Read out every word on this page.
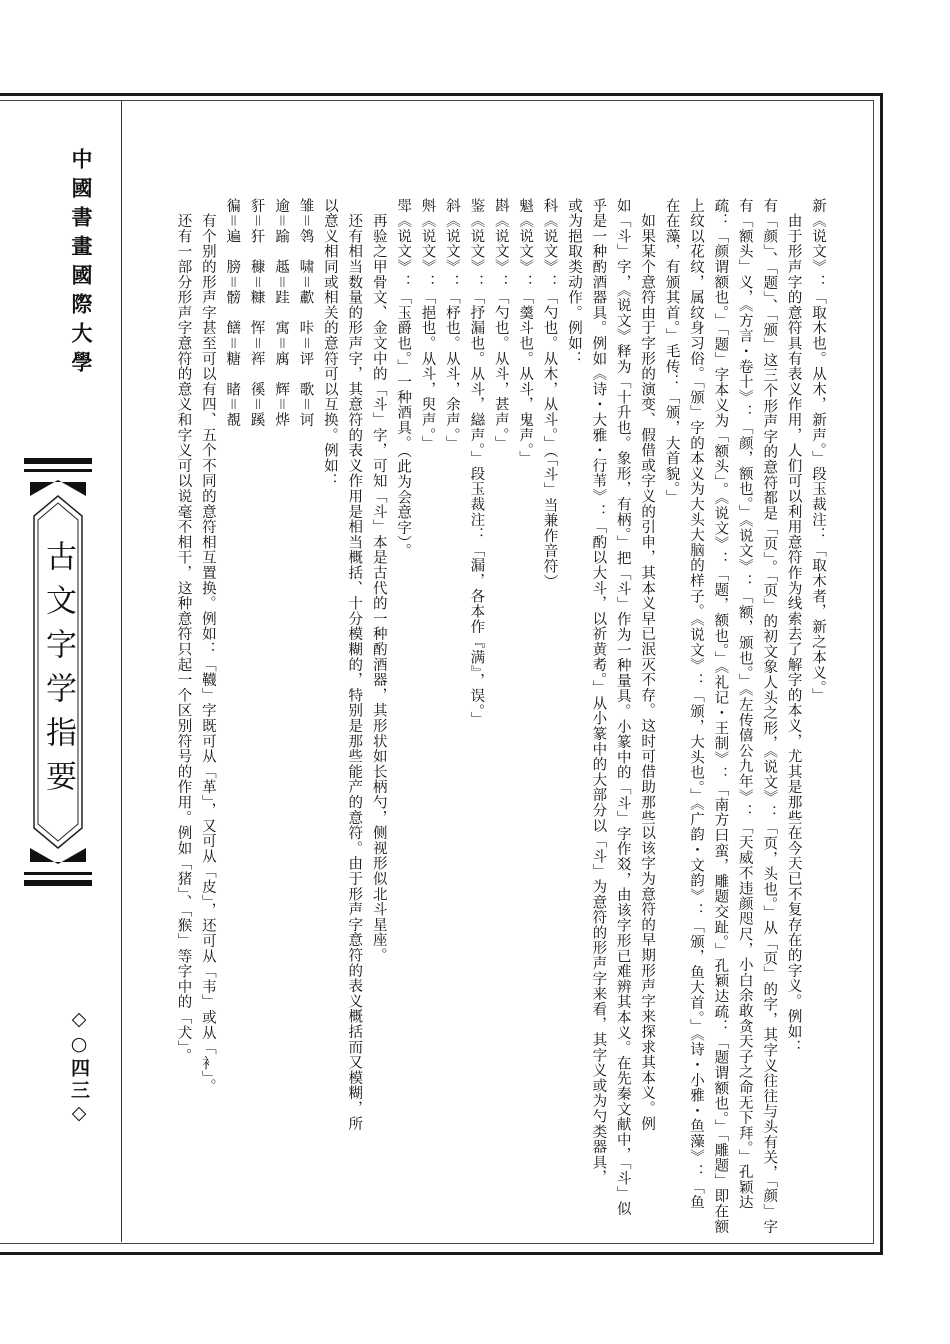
中國書畫國際大學
古文字学指要
◇○四三◇
新《说文》：「取木也。从木，新声。」段玉裁注：「取木者，新之本义。」
　由于形声字的意符具有表义作用，人们可以利用意符作为线索去了解字的本义，尤其是那些在今天已不复存在的字义。例如：
有「颜」、「题」、「颁」这三个形声字的意符都是「页」。「页」的初文象人头之形，《说文》：「页，头也。」从「页」的字，其字义往往与头有关，「颜」字
有「额头」义，《方言・卷十》：「颜，额也。」《说文》：「额，颁也。」《左传僖公九年》：「天威不违颜咫尺，小白余敢贪天子之命无下拜。」孔颖达
疏：「颜谓额也。」「题」字本义为「额头」。《说文》：「题，额也。」《礼记・王制》：「南方曰蛮，雕题交趾。」孔颖达疏：「题谓额也。」「雕题」即在额
上纹以花纹，属纹身习俗。「颁」字的本义为大头大脑的样子。《说文》：「颁，大头也。」《广韵・文韵》：「颁，鱼大首。」《诗・小雅・鱼藻》：「鱼
在在藻，有颁其首。」毛传：「颁，大首貌。」
　如果某个意符由于字形的演变、假借或字义的引申，其本义早已泯灭不存。这时可借助那些以该字为意符的早期形声字来探求其本义。例
如「斗」字，《说文》释为「十升也。象形，有柄。」把「斗」作为一种量具。小篆中的「斗」字作㸚，由该字形已难辨其本义。在先秦文献中，「斗」似
乎是一种酌酒器具。例如《诗・大雅・行苇》：「酌以大斗，以祈黄耇。」从小篆中的大部分以「斗」为意符的形声字来看，其字义或为勺类器具，
或为挹取类动作。例如：
科《说文》：「勺也。从木，从斗。」（「斗」当兼作音符）
魁《说文》：「羹斗也。从斗，鬼声。」
斟《说文》：「勺也。从斗，甚声。」
鉴《说文》：「抒漏也。从斗，䜌声。」段玉裁注：「漏，各本作『满』，误。」
斜《说文》：「杼也。从斗，余声。」
斞《说文》：「挹也。从斗，臾声。」
斝《说文》：「玉爵也。」一种酒具。（此为会意字）。
　再验之甲骨文、金文中的「斗」字，可知「斗」本是古代的一种酌酒器，其形状如长柄勺，侧视形似北斗星座。
　还有相当数量的形声字，其意符的表义作用是相当概括、十分模糊的，特别是那些能产的意符。由于形声字意符的表义概括而又模糊，所
以意义相同或相关的意符可以互换。例如：
雏＝鸰　啸＝歗　咔＝评　歌＝诃
逾＝踰　趆＝跬　寓＝庽　辉＝烨
豻＝犴　穅＝糠　恽＝裈　徯＝蹊
徧＝遍　膀＝髈　饍＝糖　睹＝覩
　有个别的形声字甚至可以有四、五个不同的意符相互置换。例如：「韈」字既可从「革」，又可从「皮」，还可从「韦」或从「衤」。
　还有一部分形声字意符的意义和字义可以说毫不相干，这种意符只起一个区别符号的作用。例如「猪」、「猴」等字中的「犬」。
